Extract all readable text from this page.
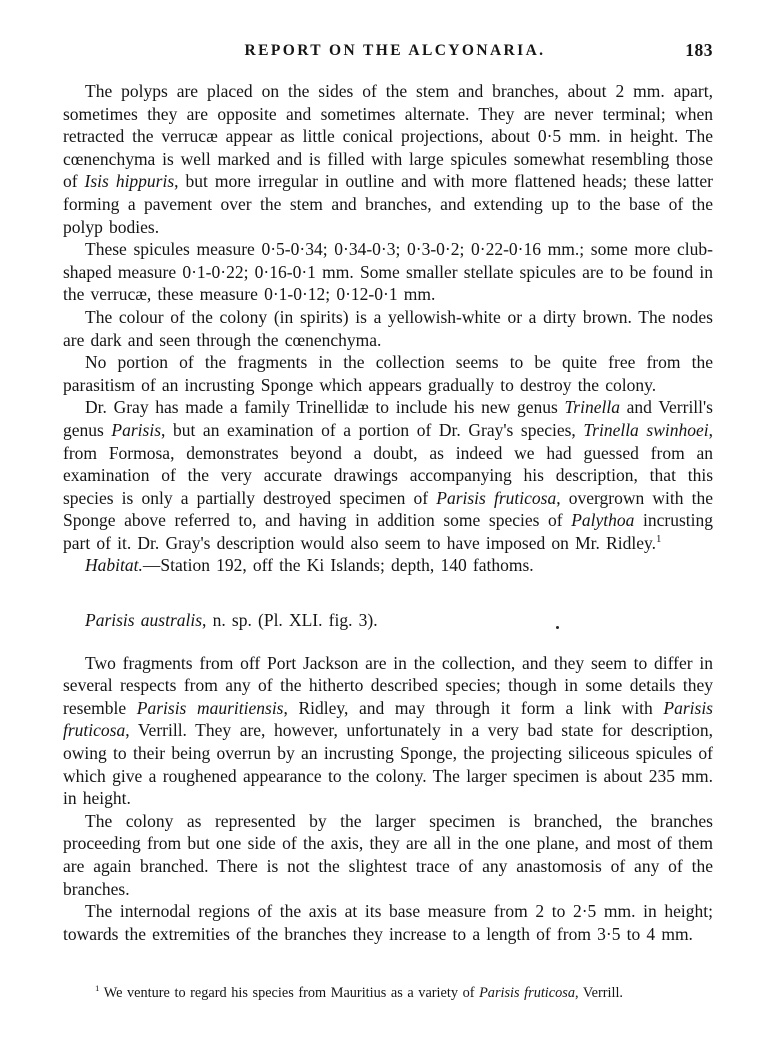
REPORT ON THE ALCYONARIA.	183

The polyps are placed on the sides of the stem and branches, about 2 mm. apart, sometimes they are opposite and sometimes alternate. They are never terminal; when retracted the verrucæ appear as little conical projections, about 0·5 mm. in height. The cœnenchyma is well marked and is filled with large spicules somewhat resembling those of Isis hippuris, but more irregular in outline and with more flattened heads; these latter forming a pavement over the stem and branches, and extending up to the base of the polyp bodies.

These spicules measure 0·5-0·34; 0·34-0·3; 0·3-0·2; 0·22-0·16 mm.; some more club-shaped measure 0·1-0·22; 0·16-0·1 mm. Some smaller stellate spicules are to be found in the verrucæ, these measure 0·1-0·12; 0·12-0·1 mm.

The colour of the colony (in spirits) is a yellowish-white or a dirty brown. The nodes are dark and seen through the cœnenchyma.

No portion of the fragments in the collection seems to be quite free from the parasitism of an incrusting Sponge which appears gradually to destroy the colony.

Dr. Gray has made a family Trinellidæ to include his new genus Trinella and Verrill's genus Parisis, but an examination of a portion of Dr. Gray's species, Trinella swinhoei, from Formosa, demonstrates beyond a doubt, as indeed we had guessed from an examination of the very accurate drawings accompanying his description, that this species is only a partially destroyed specimen of Parisis fruticosa, overgrown with the Sponge above referred to, and having in addition some species of Palythoa incrusting part of it. Dr. Gray's description would also seem to have imposed on Mr. Ridley.$^1$

Habitat.—Station 192, off the Ki Islands; depth, 140 fathoms.

Parisis australis, n. sp. (Pl. XLI. fig. 3).

Two fragments from off Port Jackson are in the collection, and they seem to differ in several respects from any of the hitherto described species; though in some details they resemble Parisis mauritiensis, Ridley, and may through it form a link with Parisis fruticosa, Verrill. They are, however, unfortunately in a very bad state for description, owing to their being overrun by an incrusting Sponge, the projecting siliceous spicules of which give a roughened appearance to the colony. The larger specimen is about 235 mm. in height.

The colony as represented by the larger specimen is branched, the branches proceeding from but one side of the axis, they are all in the one plane, and most of them are again branched. There is not the slightest trace of any anastomosis of any of the branches.

The internodal regions of the axis at its base measure from 2 to 2·5 mm. in height; towards the extremities of the branches they increase to a length of from 3·5 to 4 mm.

$^1$ We venture to regard his species from Mauritius as a variety of Parisis fruticosa, Verrill.
